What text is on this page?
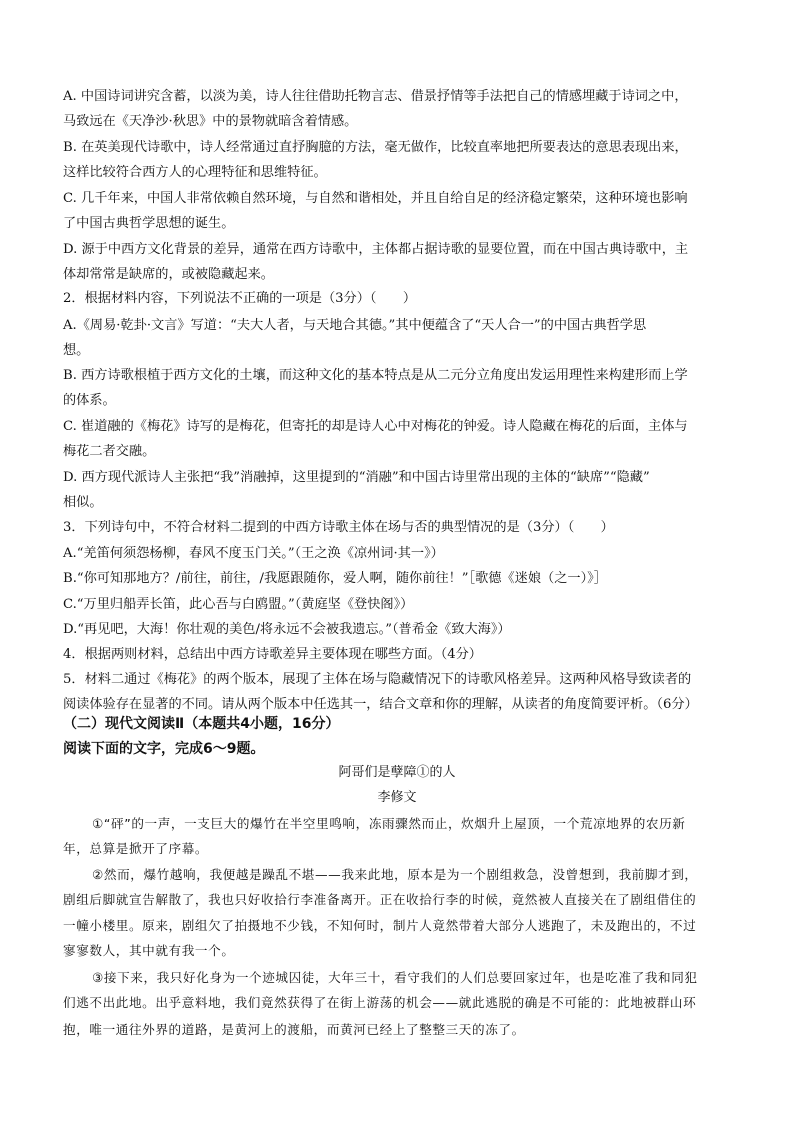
A. 中国诗词讲究含蓄，以淡为美，诗人往往借助托物言志、借景抒情等手法把自己的情感埋藏于诗词之中，
马致远在《天净沙·秋思》中的景物就暗含着情感。
B. 在英美现代诗歌中，诗人经常通过直抒胸臆的方法，毫无做作，比较直率地把所要表达的意思表现出来，
这样比较符合西方人的心理特征和思维特征。
C. 几千年来，中国人非常依赖自然环境，与自然和谐相处，并且自给自足的经济稳定繁荣，这种环境也影响
了中国古典哲学思想的诞生。
D. 源于中西方文化背景的差异，通常在西方诗歌中，主体都占据诗歌的显要位置，而在中国古典诗歌中，主
体却常常是缺席的，或被隐藏起来。
2．根据材料内容，下列说法不正确的一项是（3分）（　　）
A.《周易·乾卦·文言》写道：“夫大人者，与天地合其德。”其中便蕴含了“天人合一”的中国古典哲学思
想。
B. 西方诗歌根植于西方文化的土壤，而这种文化的基本特点是从二元分立角度出发运用理性来构建形而上学
的体系。
C. 崔道融的《梅花》诗写的是梅花，但寄托的却是诗人心中对梅花的钟爱。诗人隐藏在梅花的后面，主体与
梅花二者交融。
D. 西方现代派诗人主张把“我”消融掉，这里提到的“消融”和中国古诗里常出现的主体的“缺席”“隐藏”
相似。
3．下列诗句中，不符合材料二提到的中西方诗歌主体在场与否的典型情况的是（3分）（　　）
A.“羌笛何须怨杨柳，春风不度玉门关。”（王之涣《凉州词·其一》）
B.“你可知那地方？/前往，前往，/我愿跟随你，爱人啊，随你前往！”［歌德《迷娘（之一）》］
C.“万里归船弄长笛，此心吾与白鸥盟。”（黄庭坚《登快阁》）
D.“再见吧，大海！你壮观的美色/将永远不会被我遗忘。”（普希金《致大海》）
4．根据两则材料，总结出中西方诗歌差异主要体现在哪些方面。（4分）
5．材料二通过《梅花》的两个版本，展现了主体在场与隐藏情况下的诗歌风格差异。这两种风格导致读者的
阅读体验存在显著的不同。请从两个版本中任选其一，结合文章和你的理解，从读者的角度简要评析。（6分）
（二）现代文阅读Ⅱ（本题共4小题，16分）
阅读下面的文字，完成6～9题。
阿哥们是孽障①的人
李修文
①“砰”的一声，一支巨大的爆竹在半空里鸣响，冻雨骤然而止，炊烟升上屋顶，一个荒凉地界的农历新
年，总算是掀开了序幕。
②然而，爆竹越响，我便越是躁乱不堪——我来此地，原本是为一个剧组救急，没曾想到，我前脚才到，
剧组后脚就宣告解散了，我也只好收拾行李准备离开。正在收拾行李的时候，竟然被人直接关在了剧组借住的
一幢小楼里。原来，剧组欠了拍摄地不少钱，不知何时，制片人竟然带着大部分人逃跑了，未及跑出的，不过
寥寥数人，其中就有我一个。
③接下来，我只好化身为一个迹城囚徒，大年三十，看守我们的人们总要回家过年，也是吃准了我和同犯
们逃不出此地。出乎意料地，我们竟然获得了在街上游荡的机会——就此逃脱的确是不可能的：此地被群山环
抱，唯一通往外界的道路，是黄河上的渡船，而黄河已经上了整整三天的冻了。
